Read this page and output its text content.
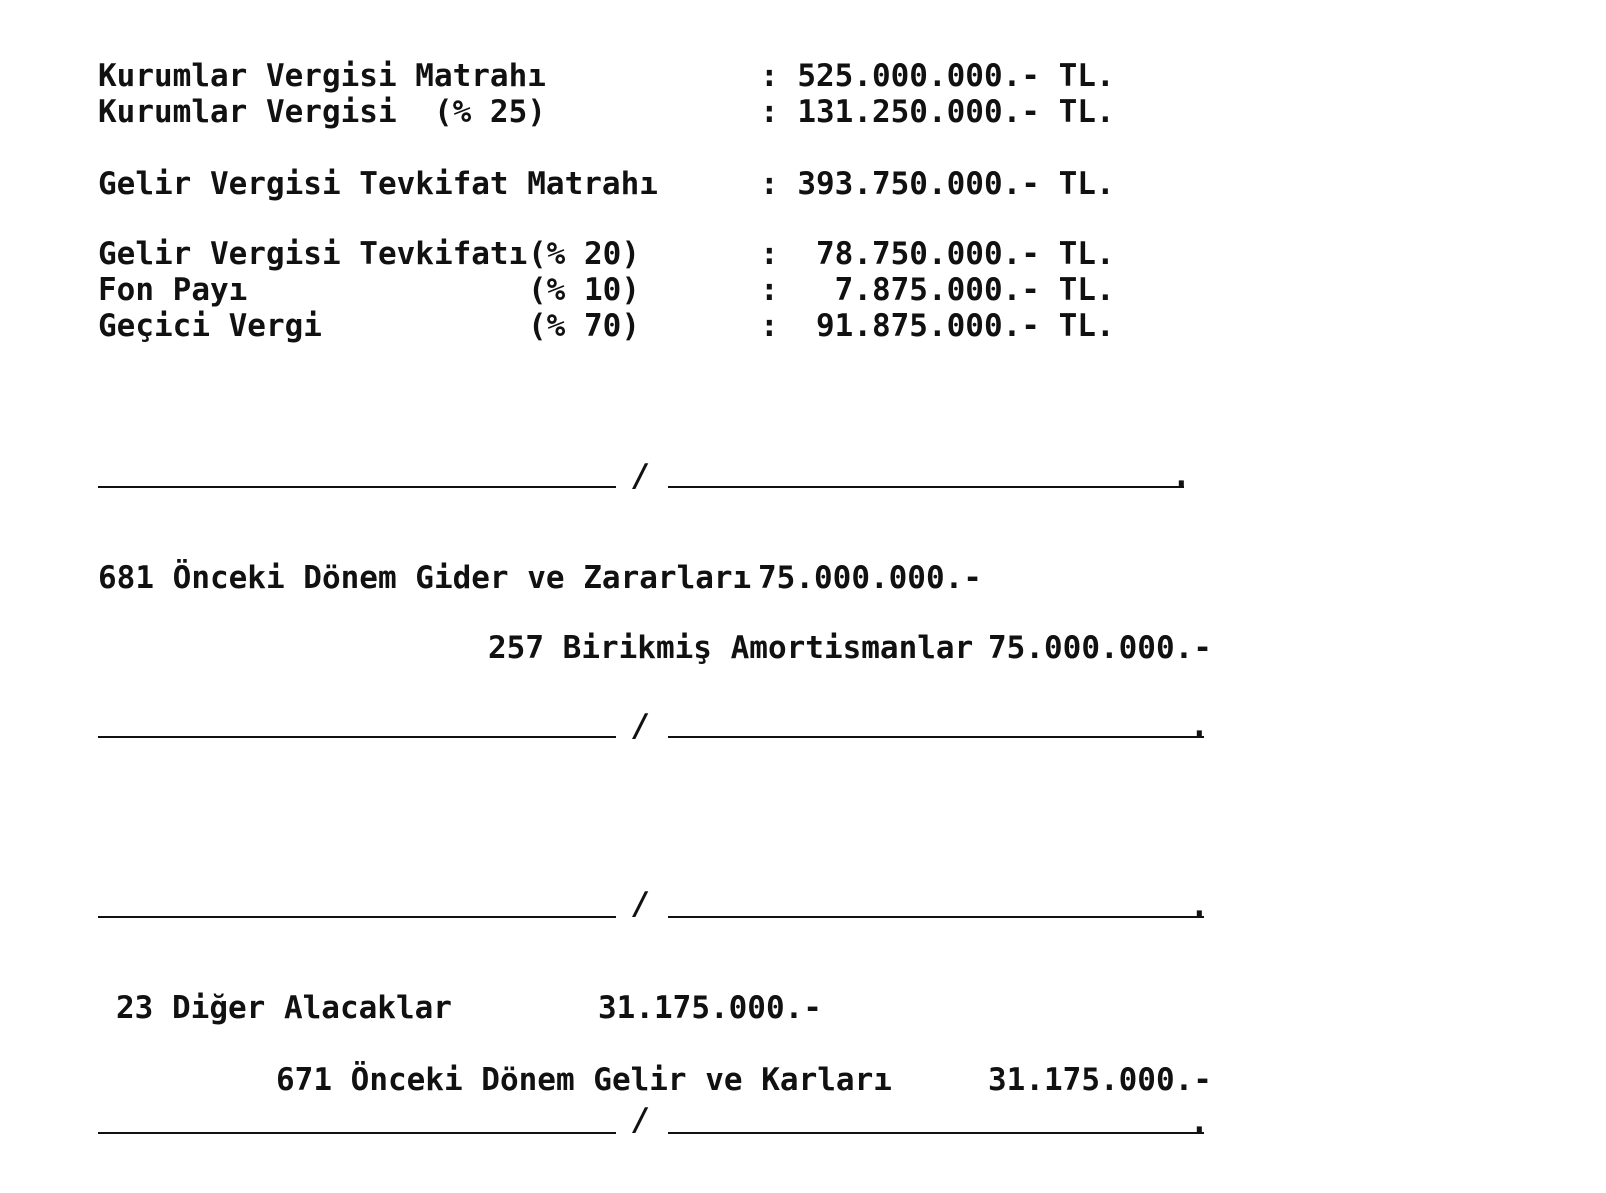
Kurumlar Vergisi Matrahı	: 525.000.000.- TL.
Kurumlar Vergisi  (% 25)	: 131.250.000.- TL.
Gelir Vergisi Tevkifat Matrahı	: 393.750.000.- TL.
Gelir Vergisi Tevkifatı (% 20)	:  78.750.000.- TL.
Fon Payı	(% 10)	:   7.875.000.- TL.
Geçici Vergi	(% 70)	:  91.875.000.- TL.
/	.
681 Önceki Dönem Gider ve Zararları 75.000.000.-
257 Birikmiş Amortismanlar 75.000.000.-
/	.
/	.
23 Diğer Alacaklar	31.175.000.-
671 Önceki Dönem Gelir ve Karları	31.175.000.-
/	.
